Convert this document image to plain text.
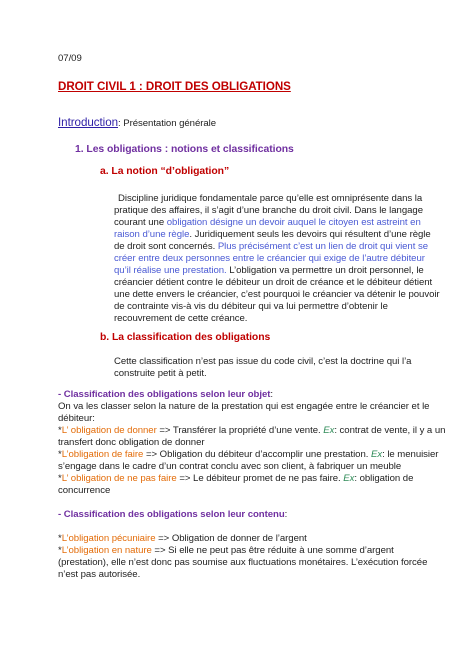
07/09
DROIT CIVIL 1 : DROIT DES OBLIGATIONS
Introduction: Présentation générale
1. Les obligations : notions et classifications
a. La notion “d’obligation”
Discipline juridique fondamentale parce qu’elle est omniprésente dans la
pratique des affaires, il s’agit d’une branche du droit civil. Dans le langage
courant une obligation désigne un devoir auquel le citoyen est astreint en
raison d’une règle. Juridiquement seuls les devoirs qui résultent d’une règle
de droit sont concernés. Plus précisément c’est un lien de droit qui vient se
créer entre deux personnes entre le créancier qui exige de l’autre débiteur
qu’il réalise une prestation. L’obligation va permettre un droit personnel, le
créancier détient contre le débiteur un droit de créance et le débiteur détient
une dette envers le créancier, c’est pourquoi le créancier va détenir le pouvoir
de contrainte vis-à vis du débiteur qui va lui permettre d’obtenir le
recouvrement de cette créance.
b. La classification des obligations
Cette classification n’est pas issue du code civil, c’est la doctrine qui l’a
construite petit à petit.
- Classification des obligations selon leur objet:
On va les classer selon la nature de la prestation qui est engagée entre le créancier et le
débiteur:
*L’ obligation de donner => Transférer la propriété d’une vente. Ex: contrat de vente, il y a un
transfert donc obligation de donner
*L’obligation de faire => Obligation du débiteur d’accomplir une prestation. Ex: le menuisier
s’engage dans le cadre d’un contrat conclu avec son client, à fabriquer un meuble
*L’ obligation de ne pas faire => Le débiteur promet de ne pas faire. Ex: obligation de
concurrence
- Classification des obligations selon leur contenu:
*L’obligation pécuniaire => Obligation de donner de l’argent
*L’obligation en nature => Si elle ne peut pas être réduite à une somme d’argent
(prestation), elle n’est donc pas soumise aux fluctuations monétaires. L’exécution forcée
n’est pas autorisée.
